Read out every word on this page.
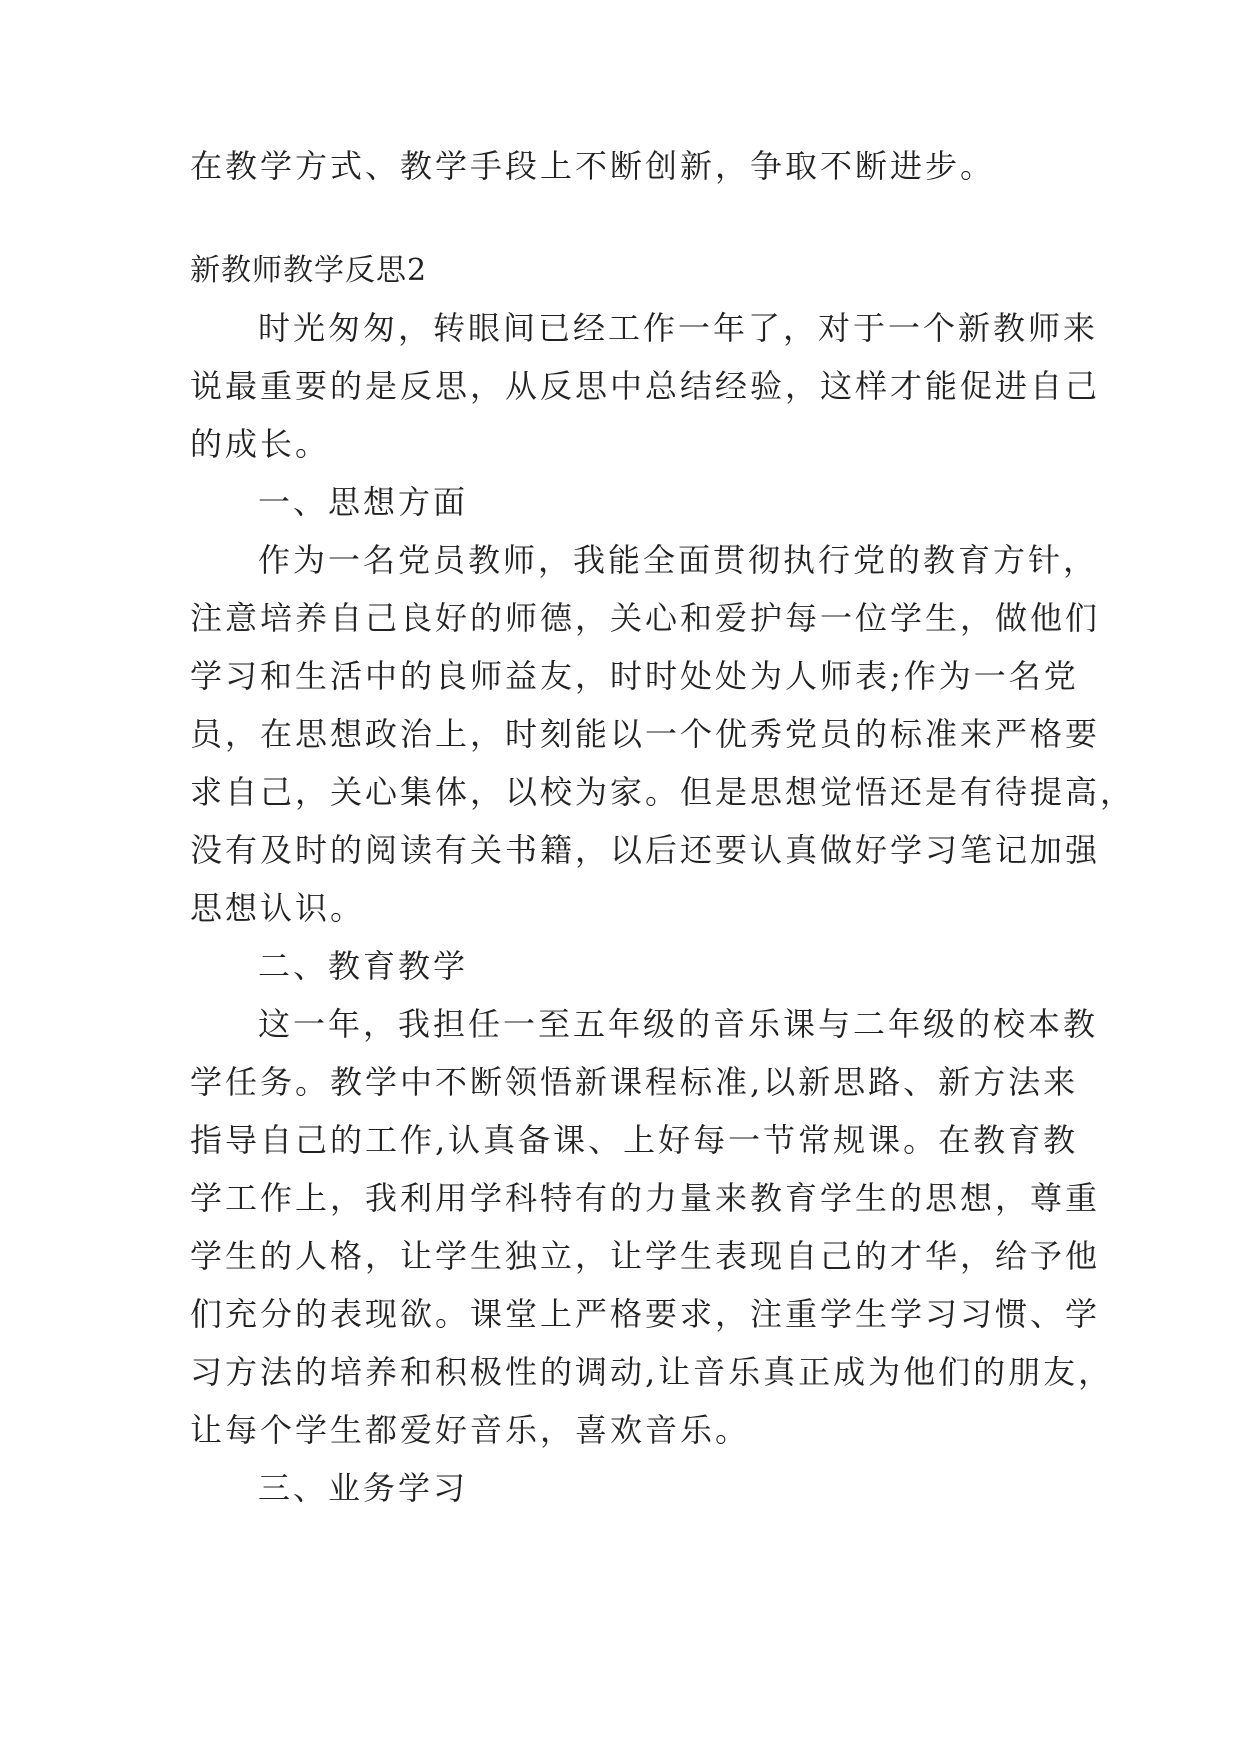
在教学方式、教学手段上不断创新，争取不断进步。
新教师教学反思2
时光匆匆，转眼间已经工作一年了，对于一个新教师来
说最重要的是反思，从反思中总结经验，这样才能促进自己
的成长。
一、思想方面
作为一名党员教师，我能全面贯彻执行党的教育方针，
注意培养自己良好的师德，关心和爱护每一位学生，做他们
学习和生活中的良师益友，时时处处为人师表;作为一名党
员，在思想政治上，时刻能以一个优秀党员的标准来严格要
求自己，关心集体，以校为家。但是思想觉悟还是有待提高，
没有及时的阅读有关书籍，以后还要认真做好学习笔记加强
思想认识。
二、教育教学
这一年，我担任一至五年级的音乐课与二年级的校本教
学任务。教学中不断领悟新课程标准,以新思路、新方法来
指导自己的工作,认真备课、上好每一节常规课。在教育教
学工作上，我利用学科特有的力量来教育学生的思想，尊重
学生的人格，让学生独立，让学生表现自己的才华，给予他
们充分的表现欲。课堂上严格要求，注重学生学习习惯、学
习方法的培养和积极性的调动,让音乐真正成为他们的朋友，
让每个学生都爱好音乐，喜欢音乐。
三、业务学习
